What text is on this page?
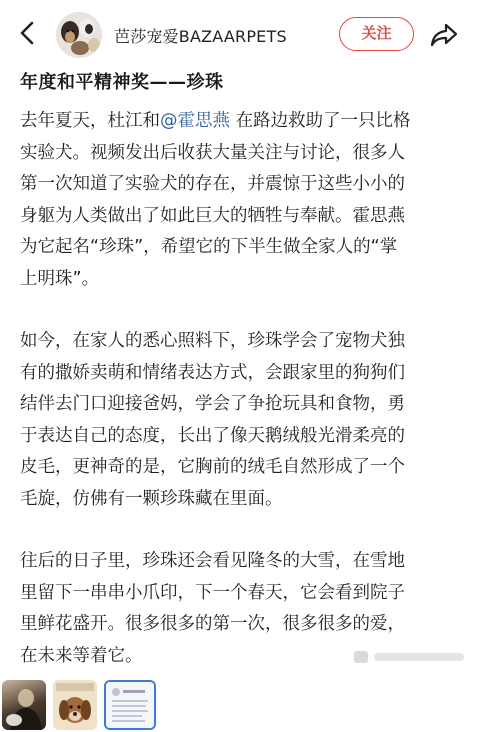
芭莎宠爱BAZAARPETS	关注
年度和平精神奖——珍珠
去年夏天，杜江和@霍思燕 在路边救助了一只比格
实验犬。视频发出后收获大量关注与讨论，很多人
第一次知道了实验犬的存在，并震惊于这些小小的
身躯为人类做出了如此巨大的牺牲与奉献。霍思燕
为它起名“珍珠”，希望它的下半生做全家人的“掌
上明珠”。
如今，在家人的悉心照料下，珍珠学会了宠物犬独
有的撒娇卖萌和情绪表达方式，会跟家里的狗狗们
结伴去门口迎接爸妈，学会了争抢玩具和食物，勇
于表达自己的态度，长出了像天鹅绒般光滑柔亮的
皮毛，更神奇的是，它胸前的绒毛自然形成了一个
毛旋，仿佛有一颗珍珠藏在里面。
往后的日子里，珍珠还会看见隆冬的大雪，在雪地
里留下一串串小爪印，下一个春天，它会看到院子
里鲜花盛开。很多很多的第一次，很多很多的爱，
在未来等着它。
